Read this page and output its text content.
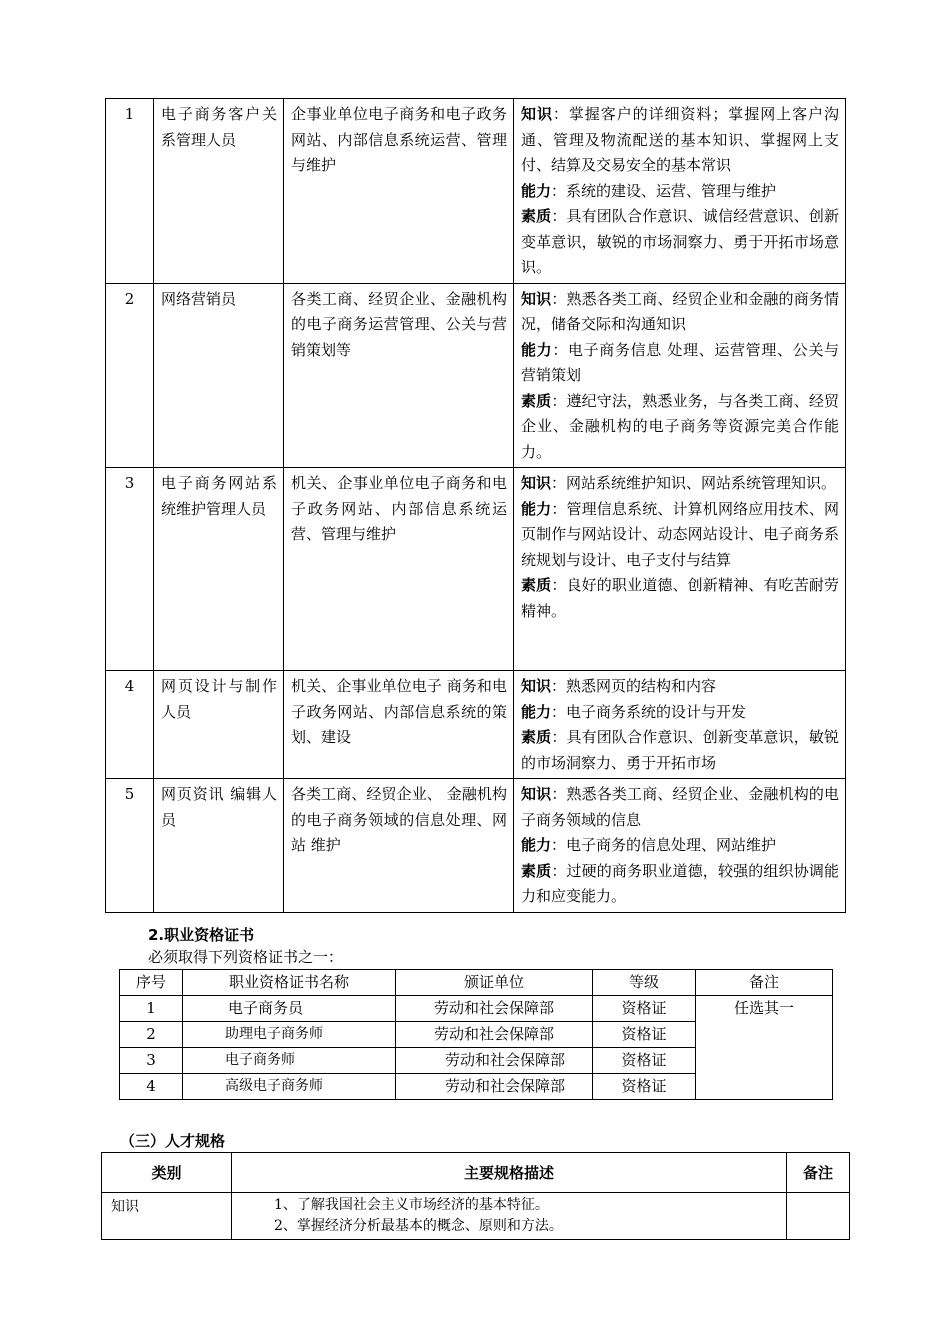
1	电子商务客户关系管理人员	企事业单位电子商务和电子政务网站、内部信息系统运营、管理与维护	知识：掌握客户的详细资料；掌握网上客户沟通、管理及物流配送的基本知识、掌握网上支付、结算及交易安全的基本常识
能力：系统的建设、运营、管理与维护
素质：具有团队合作意识、诚信经营意识、创新变革意识，敏锐的市场洞察力、勇于开拓市场意识。

2	网络营销员	各类工商、经贸企业、金融机构的电子商务运营管理、公关与营销策划等	知识：熟悉各类工商、经贸企业和金融的商务情况，储备交际和沟通知识
能力：电子商务信息 处理、运营管理、公关与营销策划
素质：遵纪守法，熟悉业务，与各类工商、经贸企业、金融机构的电子商务等资源完美合作能力。

3	电子商务网站系统维护管理人员	机关、企事业单位电子商务和电子政务网站、内部信息系统运营、管理与维护	知识：网站系统维护知识、网站系统管理知识。
能力：管理信息系统、计算机网络应用技术、网页制作与网站设计、动态网站设计、电子商务系统规划与设计、电子支付与结算
素质：良好的职业道德、创新精神、有吃苦耐劳精神。

4	网页设计与制作人员	机关、企事业单位电子 商务和电子政务网站、内部信息系统的策划、建设	知识：熟悉网页的结构和内容
能力：电子商务系统的设计与开发
素质：具有团队合作意识、创新变革意识，敏锐的市场洞察力、勇于开拓市场

5	网页资讯 编辑人员	各类工商、经贸企业、 金融机构的电子商务领域的信息处理、网站 维护	知识：熟悉各类工商、经贸企业、金融机构的电子商务领域的信息
能力：电子商务的信息处理、网站维护
素质：过硬的商务职业道德，较强的组织协调能力和应变能力。
2.职业资格证书
必须取得下列资格证书之一：
序号	职业资格证书名称	颁证单位	等级	备注
1	电子商务员	劳动和社会保障部	资格证	任选其一
2	助理电子商务师	劳动和社会保障部	资格证	
3	电子商务师	劳动和社会保障部	资格证	
4	高级电子商务师	劳动和社会保障部	资格证	
（三）人才规格
类别	主要规格描述	备注
知识	1、了解我国社会主义市场经济的基本特征。
2、掌握经济分析最基本的概念、原则和方法。	
